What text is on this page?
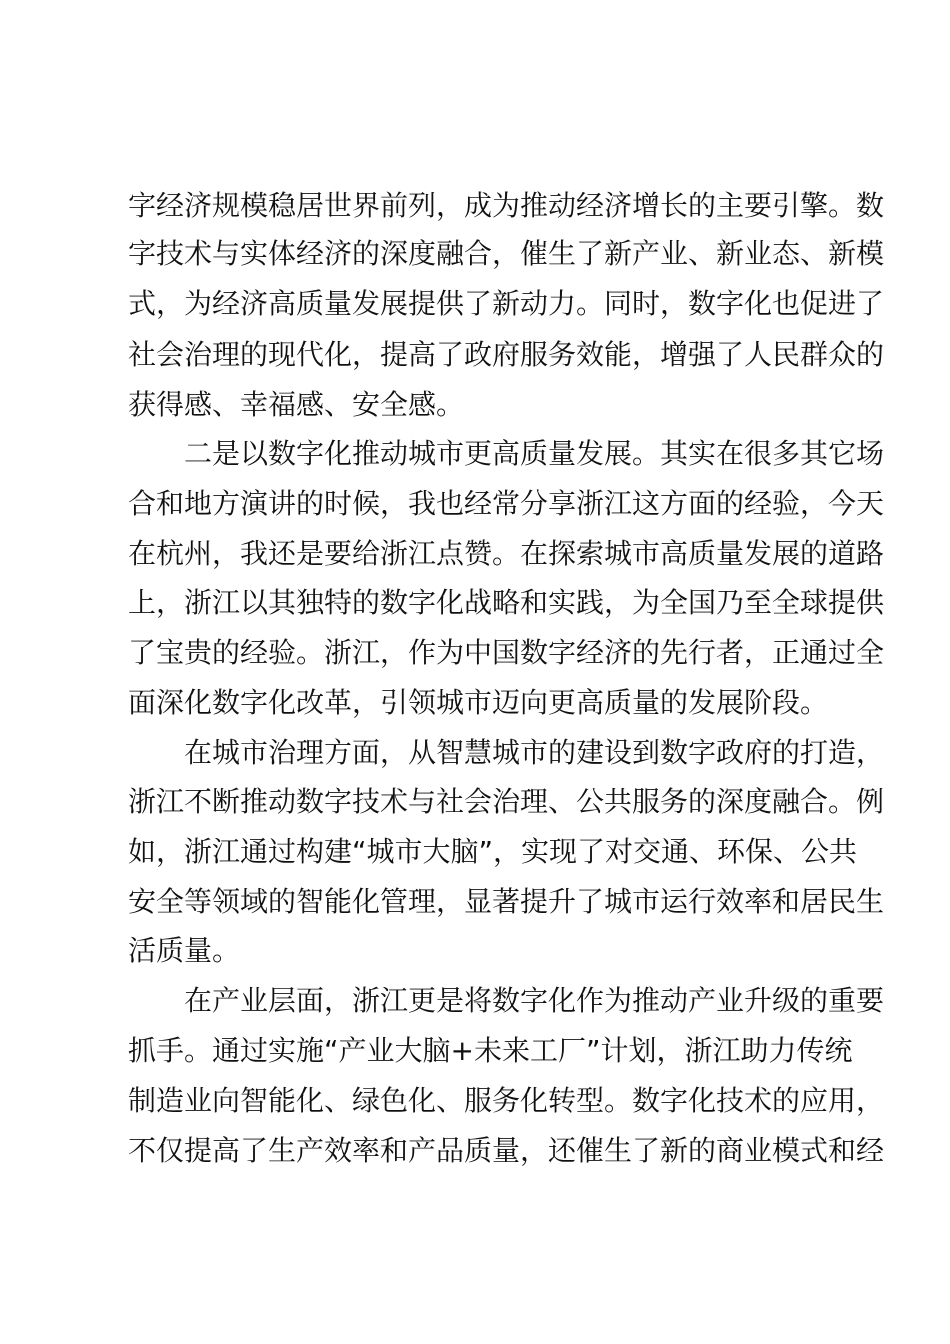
字经济规模稳居世界前列，成为推动经济增长的主要引擎。数
字技术与实体经济的深度融合，催生了新产业、新业态、新模
式，为经济高质量发展提供了新动力。同时，数字化也促进了
社会治理的现代化，提高了政府服务效能，增强了人民群众的
获得感、幸福感、安全感。
二是以数字化推动城市更高质量发展。其实在很多其它场
合和地方演讲的时候，我也经常分享浙江这方面的经验，今天
在杭州，我还是要给浙江点赞。在探索城市高质量发展的道路
上，浙江以其独特的数字化战略和实践，为全国乃至全球提供
了宝贵的经验。浙江，作为中国数字经济的先行者，正通过全
面深化数字化改革，引领城市迈向更高质量的发展阶段。
在城市治理方面，从智慧城市的建设到数字政府的打造，
浙江不断推动数字技术与社会治理、公共服务的深度融合。例
如，浙江通过构建“城市大脑”，实现了对交通、环保、公共
安全等领域的智能化管理，显著提升了城市运行效率和居民生
活质量。
在产业层面，浙江更是将数字化作为推动产业升级的重要
抓手。通过实施“产业大脑+未来工厂”计划，浙江助力传统
制造业向智能化、绿色化、服务化转型。数字化技术的应用，
不仅提高了生产效率和产品质量，还催生了新的商业模式和经
